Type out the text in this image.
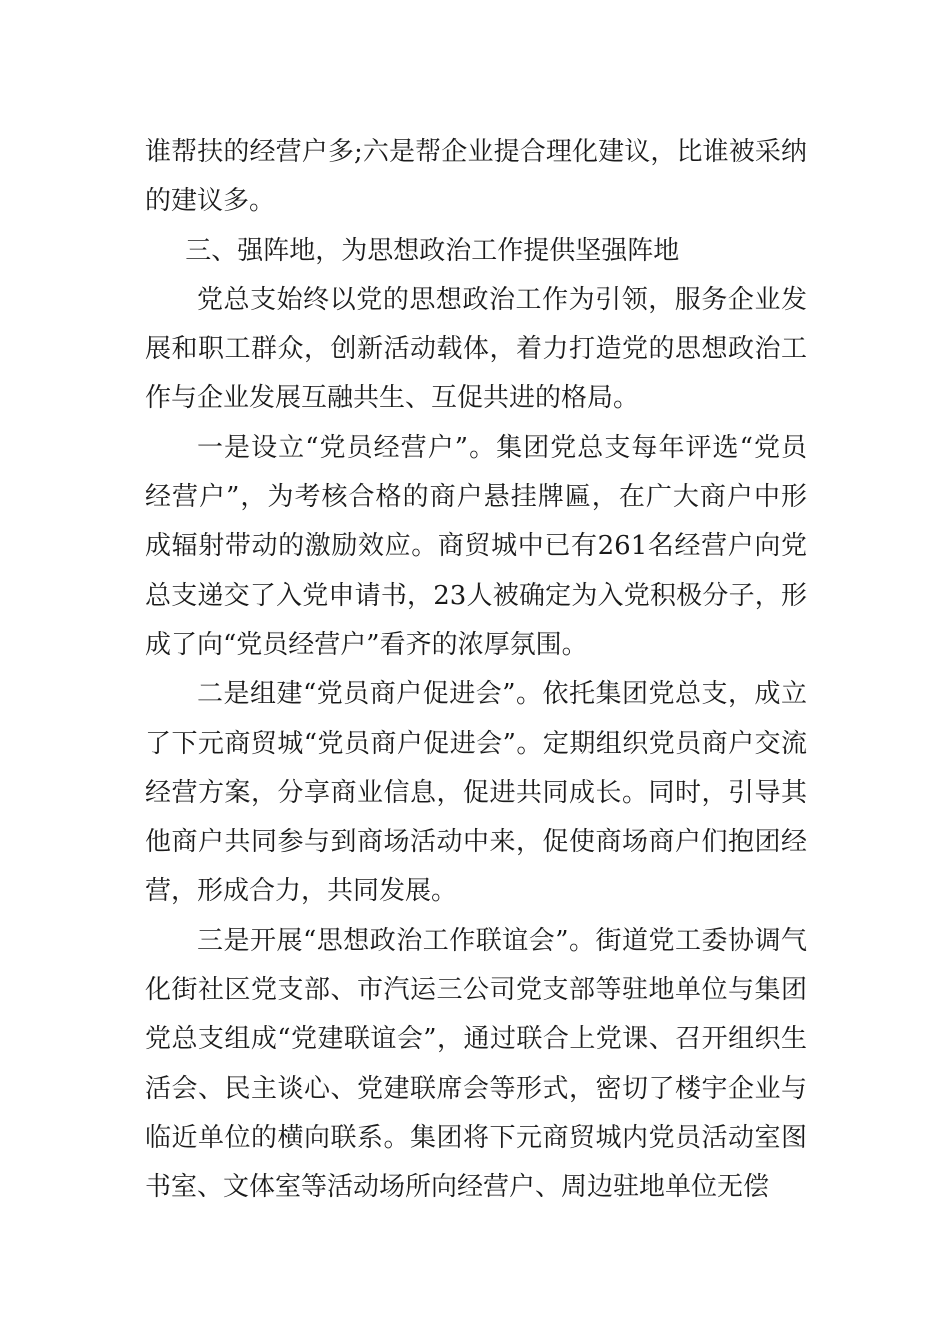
谁帮扶的经营户多;六是帮企业提合理化建议，比谁被采纳的建议多。

三、强阵地，为思想政治工作提供坚强阵地

党总支始终以党的思想政治工作为引领，服务企业发展和职工群众，创新活动载体，着力打造党的思想政治工作与企业发展互融共生、互促共进的格局。

一是设立“党员经营户”。集团党总支每年评选“党员经营户”，为考核合格的商户悬挂牌匾，在广大商户中形成辐射带动的激励效应。商贸城中已有261名经营户向党总支递交了入党申请书，23人被确定为入党积极分子，形成了向“党员经营户”看齐的浓厚氛围。

二是组建“党员商户促进会”。依托集团党总支，成立了下元商贸城“党员商户促进会”。定期组织党员商户交流经营方案，分享商业信息，促进共同成长。同时，引导其他商户共同参与到商场活动中来，促使商场商户们抱团经营，形成合力，共同发展。

三是开展“思想政治工作联谊会”。街道党工委协调气化街社区党支部、市汽运三公司党支部等驻地单位与集团党总支组成“党建联谊会”，通过联合上党课、召开组织生活会、民主谈心、党建联席会等形式，密切了楼宇企业与临近单位的横向联系。集团将下元商贸城内党员活动室图书室、文体室等活动场所向经营户、周边驻地单位无偿
